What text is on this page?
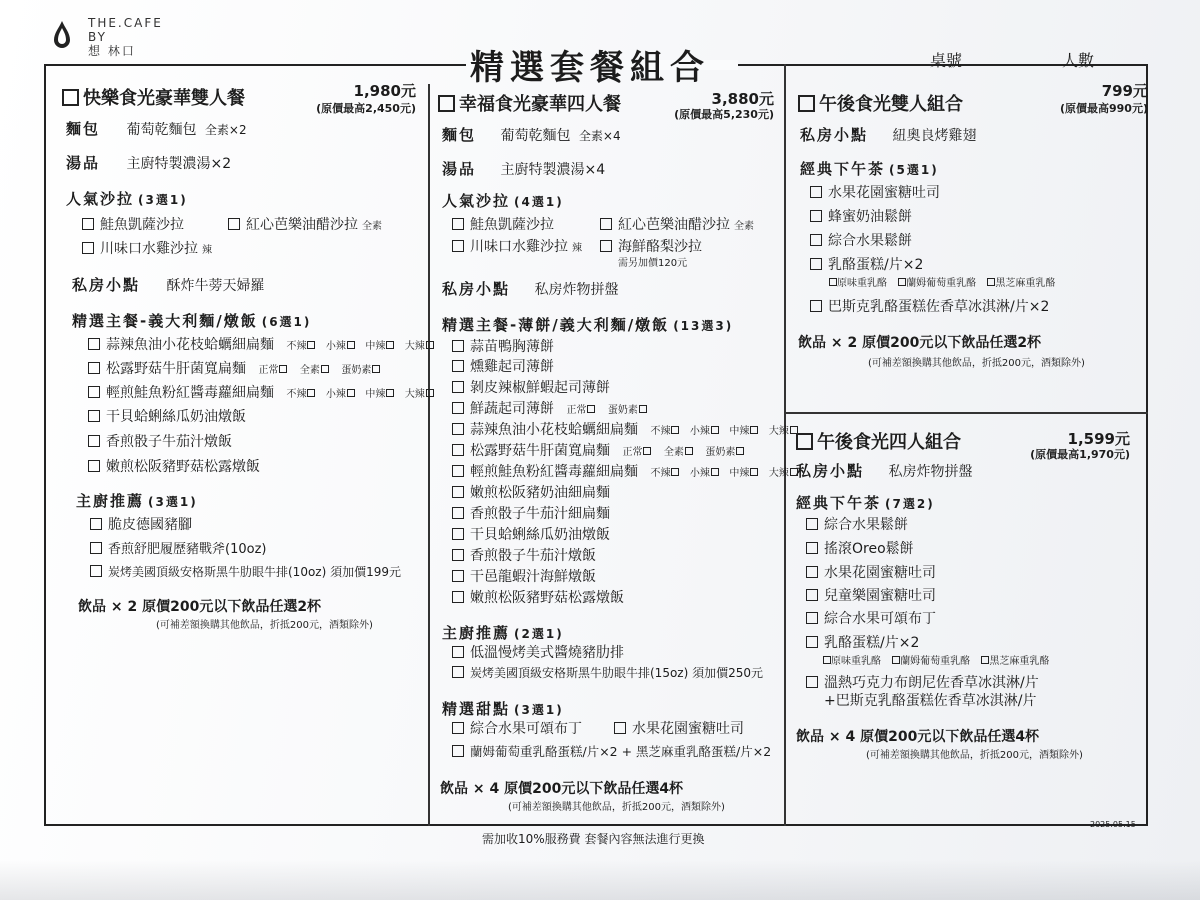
THE.CAFE
BY
想 林口	精選套餐組合	桌號	人數
快樂食光豪華雙人餐	1,980元
(原價最高2,450元)
麵包 葡萄乾麵包 全素×2
湯品 主廚特製濃湯×2
人氣沙拉 (3選1)
鮭魚凱薩沙拉	紅心芭樂油醋沙拉 全素
川味口水雞沙拉 辣
私房小點 酥炸牛蒡天婦羅
精選主餐-義大利麵/燉飯 (6選1)
蒜辣魚油小花枝蛤蠣細扁麵 不辣 小辣 中辣 大辣
松露野菇牛肝菌寬扁麵 正常 全素 蛋奶素
輕煎鮭魚粉紅醬毒蘿細扁麵 不辣 小辣 中辣 大辣
干貝蛤蜊絲瓜奶油燉飯
香煎骰子牛茄汁燉飯
嫩煎松阪豬野菇松露燉飯
主廚推薦 (3選1)
脆皮德國豬腳
香煎舒肥履歷豬戰斧(10oz)
炭烤美國頂級安格斯黑牛肋眼牛排(10oz) 須加價199元
飲品 × 2 原價200元以下飲品任選2杯
(可補差額換購其他飲品，折抵200元，酒類除外)
幸福食光豪華四人餐	3,880元
(原價最高5,230元)
麵包 葡萄乾麵包 全素×4
湯品 主廚特製濃湯×4
人氣沙拉 (4選1)
鮭魚凱薩沙拉	紅心芭樂油醋沙拉 全素
川味口水雞沙拉 辣	海鮮酪梨沙拉
需另加價120元
私房小點 私房炸物拼盤
精選主餐-薄餅/義大利麵/燉飯 (13選3)
蒜苗鴨胸薄餅
燻雞起司薄餅
剝皮辣椒鮮蝦起司薄餅
鮮蔬起司薄餅 正常 蛋奶素
蒜辣魚油小花枝蛤蠣細扁麵 不辣 小辣 中辣 大辣
松露野菇牛肝菌寬扁麵 正常 全素 蛋奶素
輕煎鮭魚粉紅醬毒蘿細扁麵 不辣 小辣 中辣 大辣
嫩煎松阪豬奶油細扁麵
香煎骰子牛茄汁細扁麵
干貝蛤蜊絲瓜奶油燉飯
香煎骰子牛茄汁燉飯
干邑龍蝦汁海鮮燉飯
嫩煎松阪豬野菇松露燉飯
主廚推薦 (2選1)
低溫慢烤美式醬燒豬肋排
炭烤美國頂級安格斯黑牛肋眼牛排(15oz) 須加價250元
精選甜點 (3選1)
綜合水果可頌布丁	水果花園蜜糖吐司
蘭姆葡萄重乳酪蛋糕/片×2 + 黑芝麻重乳酪蛋糕/片×2
飲品 × 4 原價200元以下飲品任選4杯
(可補差額換購其他飲品，折抵200元，酒類除外)
午後食光雙人組合
799元
(原價最高990元)
私房小點 紐奧良烤雞翅
經典下午茶 (5選1)
水果花園蜜糖吐司
蜂蜜奶油鬆餅
綜合水果鬆餅
乳酪蛋糕/片×2
原味重乳酪 蘭姆葡萄重乳酪 黑芝麻重乳酪
巴斯克乳酪蛋糕佐香草冰淇淋/片×2
飲品 × 2 原價200元以下飲品任選2杯
(可補差額換購其他飲品，折抵200元，酒類除外)
午後食光四人組合	1,599元
(原價最高1,970元)
私房小點 私房炸物拼盤
經典下午茶 (7選2)
綜合水果鬆餅
搖滾Oreo鬆餅
水果花園蜜糖吐司
兒童樂園蜜糖吐司
綜合水果可頌布丁
乳酪蛋糕/片×2
原味重乳酪 蘭姆葡萄重乳酪 黑芝麻重乳酪
溫熱巧克力布朗尼佐香草冰淇淋/片
+巴斯克乳酪蛋糕佐香草冰淇淋/片
飲品 × 4 原價200元以下飲品任選4杯
(可補差額換購其他飲品，折抵200元，酒類除外)
2025.05.15
需加收10%服務費 套餐內容無法進行更換
